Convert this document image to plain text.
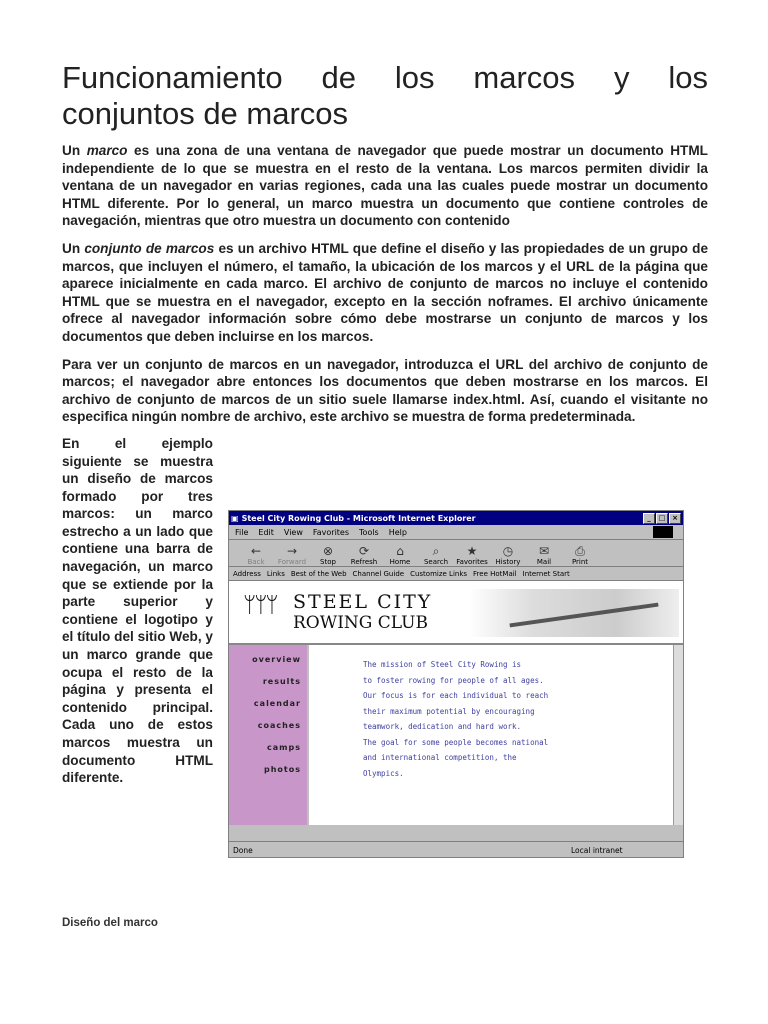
Funcionamiento de los marcos y los
conjuntos de marcos

Un marco es una zona de una ventana de navegador que puede mostrar un documento HTML independiente de lo que se muestra en el resto de la ventana. Los marcos permiten dividir la ventana de un navegador en varias regiones, cada una las cuales puede mostrar un documento HTML diferente. Por lo general, un marco muestra un documento que contiene controles de navegación, mientras que otro muestra un documento con contenido

Un conjunto de marcos es un archivo HTML que define el diseño y las propiedades de un grupo de marcos, que incluyen el número, el tamaño, la ubicación de los marcos y el URL de la página que aparece inicialmente en cada marco. El archivo de conjunto de marcos no incluye el contenido HTML que se muestra en el navegador, excepto en la sección noframes. El archivo únicamente ofrece al navegador información sobre cómo debe mostrarse un conjunto de marcos y los documentos que deben incluirse en los marcos.

Para ver un conjunto de marcos en un navegador, introduzca el URL del archivo de conjunto de marcos; el navegador abre entonces los documentos que deben mostrarse en los marcos. El archivo de conjunto de marcos de un sitio suele llamarse index.html. Así, cuando el visitante no especifica ningún nombre de archivo, este archivo se muestra de forma predeterminada.

En el ejemplo siguiente se muestra un diseño de marcos formado por tres marcos: un marco estrecho a un lado que contiene una barra de navegación, un marco que se extiende por la parte superior y contiene el logotipo y el título del sitio Web, y un marco grande que ocupa el resto de la página y presenta el contenido principal. Cada uno de estos marcos muestra un documento HTML diferente.
Diseño del marco
▣ Steel City Rowing Club - Microsoft Internet Explorer	_	□ ×
File Edit View Favorites Tools Help
←
Back
→
Forward
⊗
Stop
⟳
Refresh
⌂
Home
⌕
Search
★
Favorites
◷
History
✉
Mail
⎙
Print
Address Links Best of the Web Channel Guide Customize Links Free HotMail Internet Start
ᛘᛘᛘ STEEL CITY
ROWING CLUB
overview
results
calendar
coaches
camps
photos

The mission of Steel City Rowing is
to foster rowing for people of all ages.
Our focus is for each individual to reach
their maximum potential by encouraging
teamwork, dedication and hard work.
The goal for some people becomes national
and international competition, the
Olympics.

Done	Local intranet
